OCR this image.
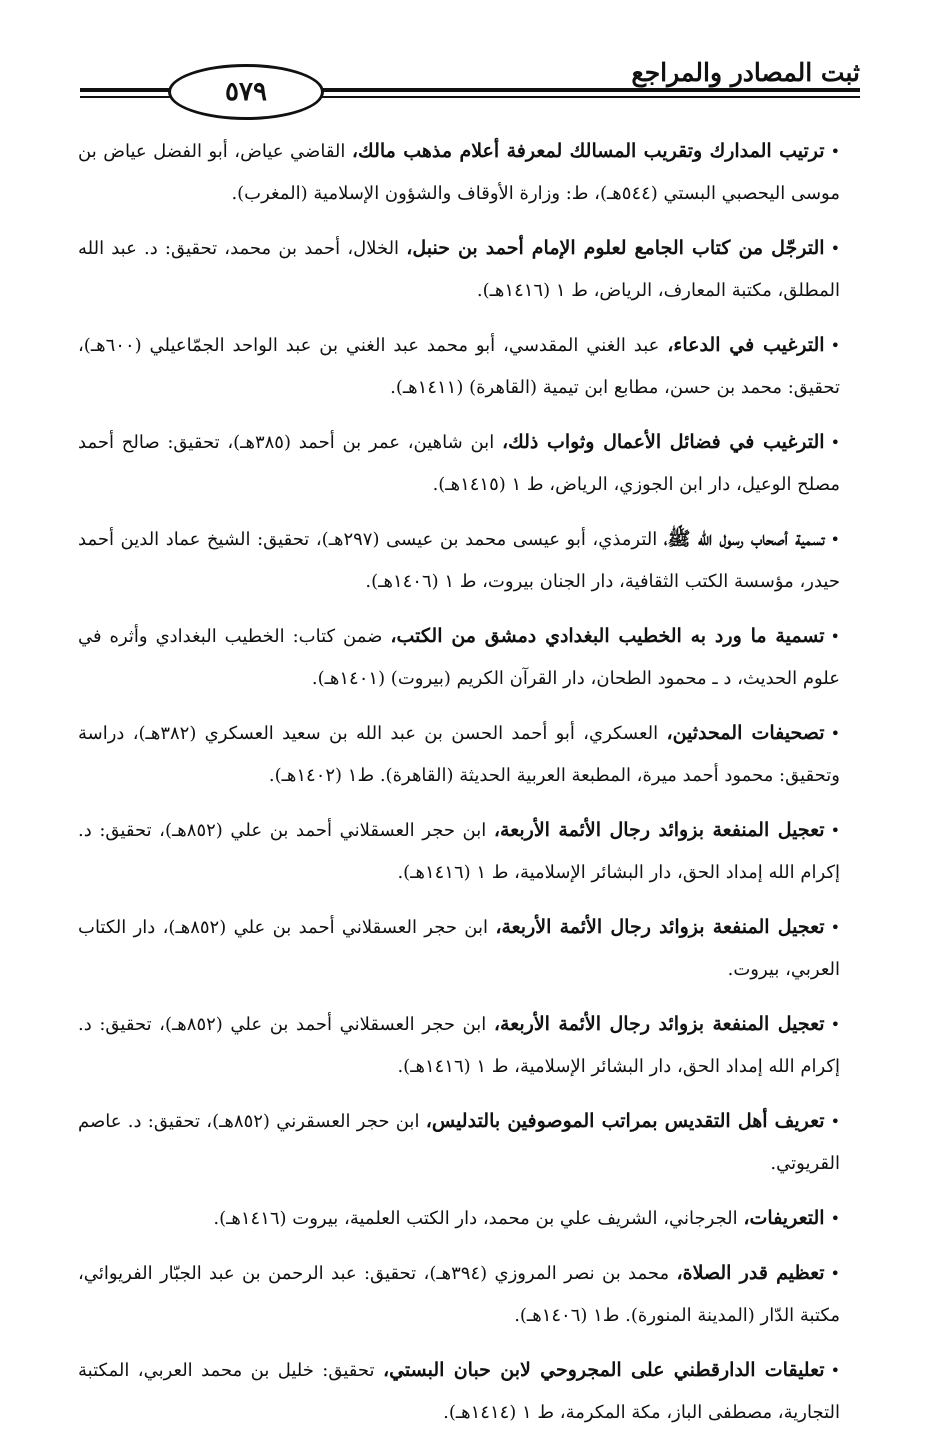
ثبت المصادر والمراجع
٥٧٩

•ترتيب المدارك وتقريب المسالك لمعرفة أعلام مذهب مالك، القاضي عياض، أبو الفضل عياض بن موسى اليحصبي البستي (٥٤٤هـ)، ط: وزارة الأوقاف والشؤون الإسلامية (المغرب).

•الترجّل من كتاب الجامع لعلوم الإمام أحمد بن حنبل، الخلال، أحمد بن محمد، تحقيق: د. عبد الله المطلق، مكتبة المعارف، الرياض، ط ١ (١٤١٦هـ).

•الترغيب في الدعاء، عبد الغني المقدسي، أبو محمد عبد الغني بن عبد الواحد الجمّاعيلي (٦٠٠هـ)، تحقيق: محمد بن حسن، مطابع ابن تيمية (القاهرة) (١٤١١هـ).

•الترغيب في فضائل الأعمال وثواب ذلك، ابن شاهين، عمر بن أحمد (٣٨٥هـ)، تحقيق: صالح أحمد مصلح الوعيل، دار ابن الجوزي، الرياض، ط ١ (١٤١٥هـ).

•تسمية أصحاب رسول الله ﷺ، الترمذي، أبو عيسى محمد بن عيسى (٢٩٧هـ)، تحقيق: الشيخ عماد الدين أحمد حيدر، مؤسسة الكتب الثقافية، دار الجنان بيروت، ط ١ (١٤٠٦هـ).

•تسمية ما ورد به الخطيب البغدادي دمشق من الكتب، ضمن كتاب: الخطيب البغدادي وأثره في علوم الحديث، د ـ محمود الطحان، دار القرآن الكريم (بيروت) (١٤٠١هـ).

•تصحيفات المحدثين، العسكري، أبو أحمد الحسن بن عبد الله بن سعيد العسكري (٣٨٢هـ)، دراسة وتحقيق: محمود أحمد ميرة، المطبعة العربية الحديثة (القاهرة). ط١ (١٤٠٢هـ).

•تعجيل المنفعة بزوائد رجال الأئمة الأربعة، ابن حجر العسقلاني أحمد بن علي (٨٥٢هـ)، تحقيق: د. إكرام الله إمداد الحق، دار البشائر الإسلامية، ط ١ (١٤١٦هـ).

•تعجيل المنفعة بزوائد رجال الأئمة الأربعة، ابن حجر العسقلاني أحمد بن علي (٨٥٢هـ)، دار الكتاب العربي، بيروت.

•تعجيل المنفعة بزوائد رجال الأئمة الأربعة، ابن حجر العسقلاني أحمد بن علي (٨٥٢هـ)، تحقيق: د. إكرام الله إمداد الحق، دار البشائر الإسلامية، ط ١ (١٤١٦هـ).

•تعريف أهل التقديس بمراتب الموصوفين بالتدليس، ابن حجر العسقرني (٨٥٢هـ)، تحقيق: د. عاصم القريوتي.

•التعريفات، الجرجاني، الشريف علي بن محمد، دار الكتب العلمية، بيروت (١٤١٦هـ).

•تعظيم قدر الصلاة، محمد بن نصر المروزي (٣٩٤هـ)، تحقيق: عبد الرحمن بن عبد الجبّار الفريوائي، مكتبة الدّار (المدينة المنورة). ط١ (١٤٠٦هـ).

•تعليقات الدارقطني على المجروحي لابن حبان البستي، تحقيق: خليل بن محمد العربي، المكتبة التجارية، مصطفى الباز، مكة المكرمة، ط ١ (١٤١٤هـ).
